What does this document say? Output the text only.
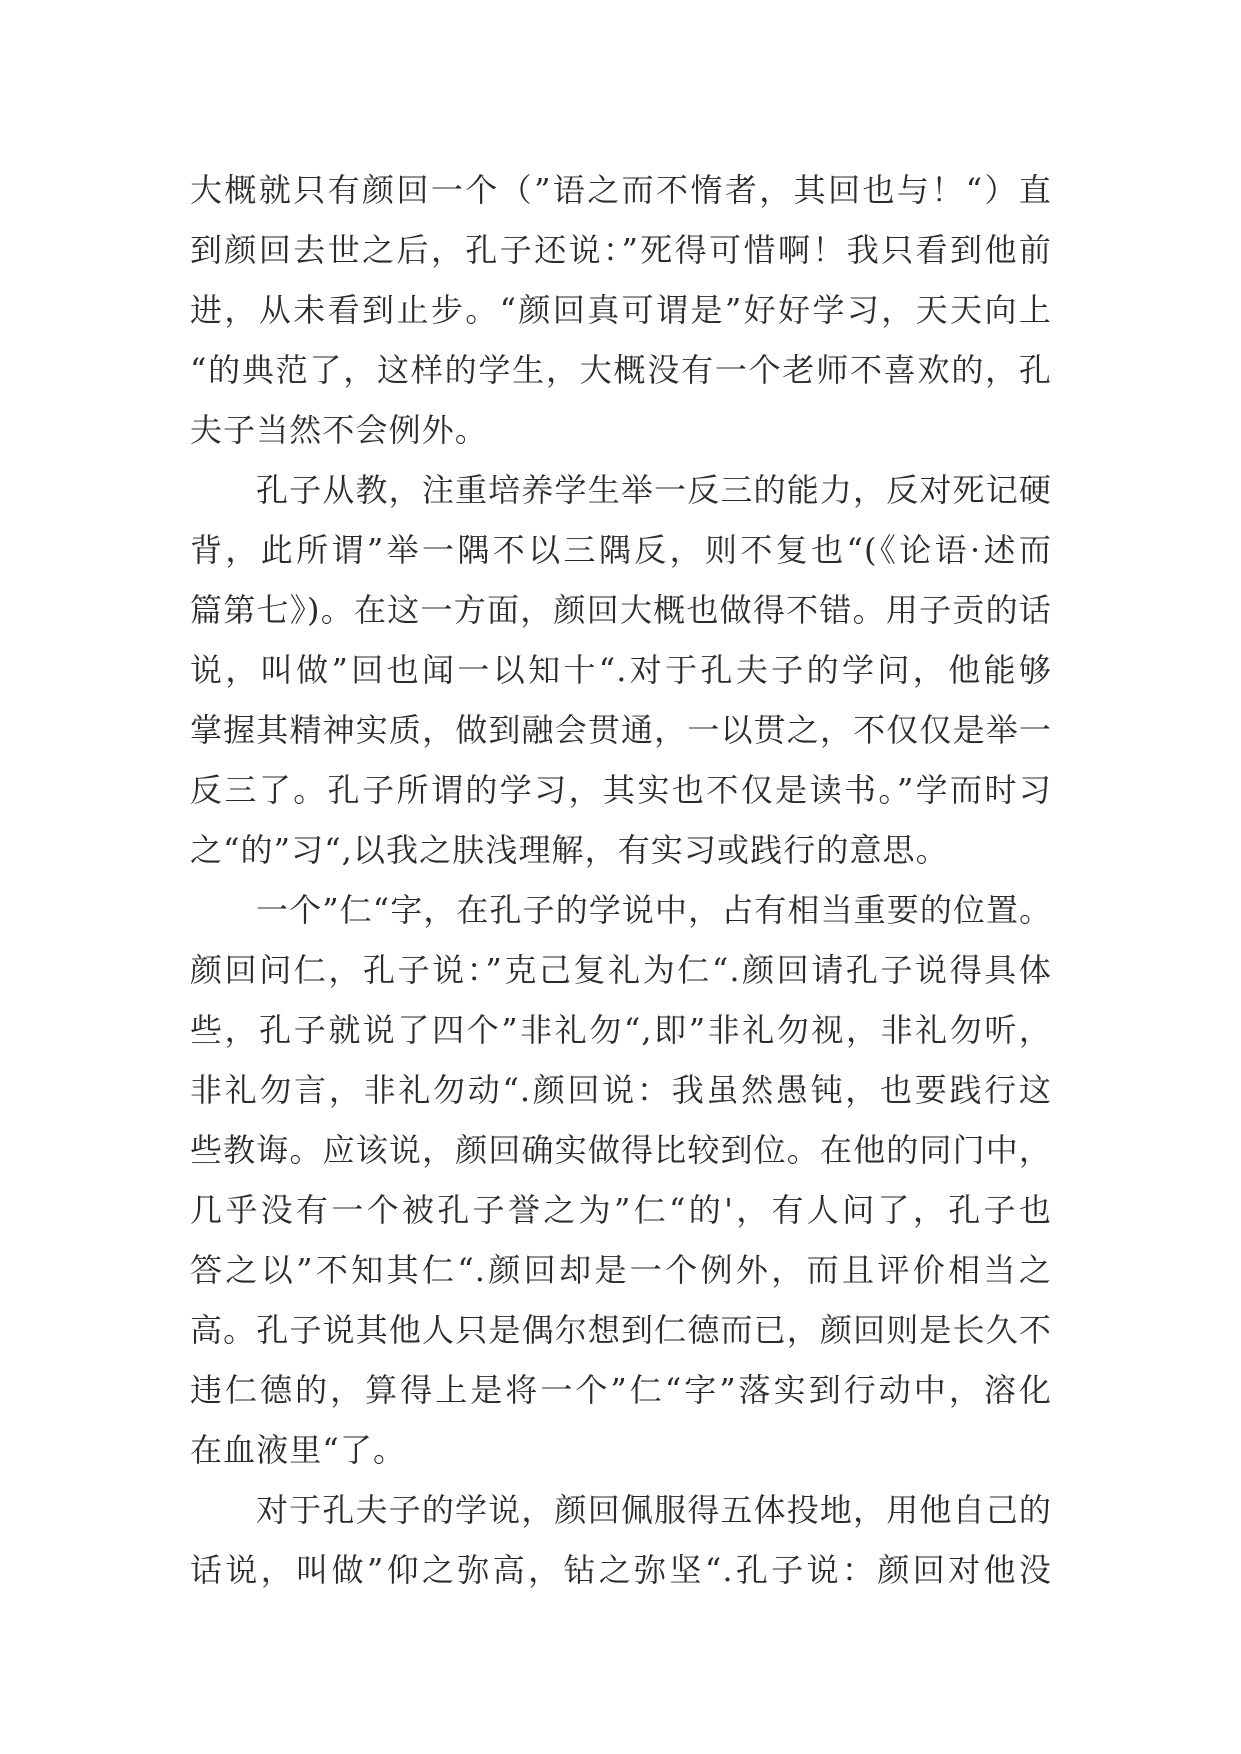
大概就只有颜回一个（”语之而不惰者，其回也与！“）直
到颜回去世之后，孔子还说：”死得可惜啊！我只看到他前
进，从未看到止步。“颜回真可谓是”好好学习，天天向上
“的典范了，这样的学生，大概没有一个老师不喜欢的，孔
夫子当然不会例外。
孔子从教，注重培养学生举一反三的能力，反对死记硬
背，此所谓”举一隅不以三隅反，则不复也“(《论语·述而
篇第七》)。在这一方面，颜回大概也做得不错。用子贡的话
说，叫做”回也闻一以知十“.对于孔夫子的学问，他能够
掌握其精神实质，做到融会贯通，一以贯之，不仅仅是举一
反三了。孔子所谓的学习，其实也不仅是读书。”学而时习
之“的”习“,以我之肤浅理解，有实习或践行的意思。
一个”仁“字，在孔子的学说中，占有相当重要的位置。
颜回问仁，孔子说：”克己复礼为仁“.颜回请孔子说得具体
些，孔子就说了四个”非礼勿“,即”非礼勿视，非礼勿听，
非礼勿言，非礼勿动“.颜回说：我虽然愚钝，也要践行这
些教诲。应该说，颜回确实做得比较到位。在他的同门中，
几乎没有一个被孔子誉之为”仁“的'，有人问了，孔子也
答之以”不知其仁“.颜回却是一个例外，而且评价相当之
高。孔子说其他人只是偶尔想到仁德而已，颜回则是长久不
违仁德的，算得上是将一个”仁“字”落实到行动中，溶化
在血液里“了。
对于孔夫子的学说，颜回佩服得五体投地，用他自己的
话说，叫做”仰之弥高，钻之弥坚“.孔子说：颜回对他没
